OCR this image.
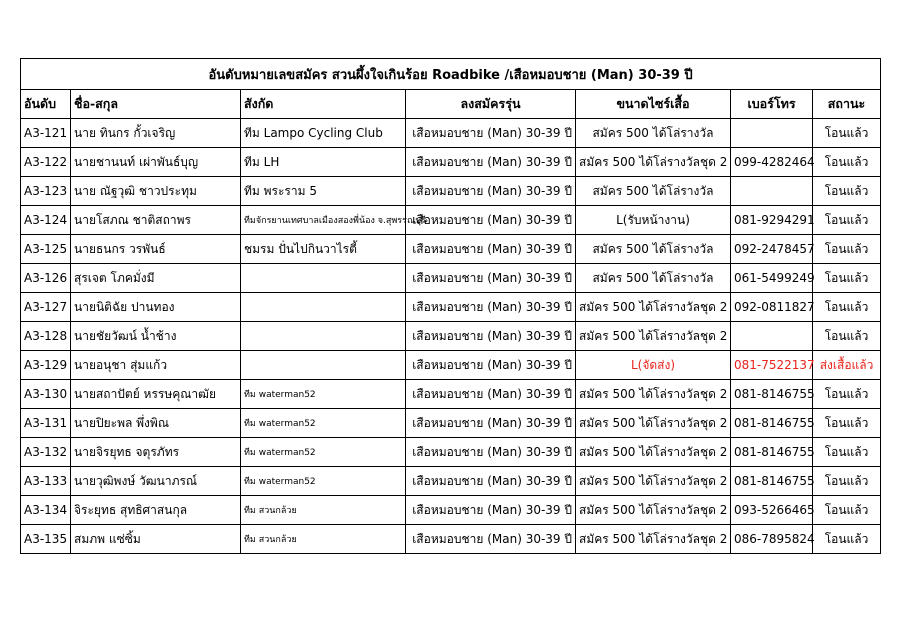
อันดับหมายเลขสมัคร สวนผึ้งใจเกินร้อย Roadbike /เสือหมอบชาย (Man) 30-39 ปี						
อันดับ	ชื่อ-สกุล	สังกัด	ลงสมัครรุ่น	ขนาดไซร์เสื้อ	เบอร์โทร	สถานะ
A3-121	นาย ทินกร กั้วเจริญ	ทีม Lampo Cycling Club	เสือหมอบชาย (Man) 30-39 ปี	สมัคร 500 ได้โล่รางวัล		โอนแล้ว
A3-122	นายชานนท์ เผ่าพันธ์บุญ	ทีม LH	เสือหมอบชาย (Man) 30-39 ปี	สมัคร 500 ได้โล่รางวัลชุด 2	099-4282464	โอนแล้ว
A3-123	นาย ณัฐวุฒิ ชาวประทุม	ทีม พระราม 5	เสือหมอบชาย (Man) 30-39 ปี	สมัคร 500 ได้โล่รางวัล		โอนแล้ว
A3-124	นายโสภณ ชาติสถาพร	ทีมจักรยานเทศบาลเมืองสองพี่น้อง จ.สุพรรณบุรี	เสือหมอบชาย (Man) 30-39 ปี	L(รับหน้างาน)	081-9294291	โอนแล้ว
A3-125	นายธนกร วรพันธ์	ชมรม ปั่นไปกินวาไรตี้	เสือหมอบชาย (Man) 30-39 ปี	สมัคร 500 ได้โล่รางวัล	092-2478457	โอนแล้ว
A3-126	สุรเจต โภคมั่งมี		เสือหมอบชาย (Man) 30-39 ปี	สมัคร 500 ได้โล่รางวัล	061-5499249	โอนแล้ว
A3-127	นายนิติฉัย ปานทอง		เสือหมอบชาย (Man) 30-39 ปี	สมัคร 500 ได้โล่รางวัลชุด 2	092-0811827	โอนแล้ว
A3-128	นายชัยวัฒน์ น้ำช้าง		เสือหมอบชาย (Man) 30-39 ปี	สมัคร 500 ได้โล่รางวัลชุด 2		โอนแล้ว
A3-129	นายอนุชา สุ่มแก้ว		เสือหมอบชาย (Man) 30-39 ปี	L(จัดส่ง)	081-7522137	ส่งเสื้อแล้ว
A3-130	นายสถาปัตย์ หรรษคุณาฒัย	ทีม waterman52	เสือหมอบชาย (Man) 30-39 ปี	สมัคร 500 ได้โล่รางวัลชุด 2	081-8146755	โอนแล้ว
A3-131	นายปิยะพล พึ่งพิณ	ทีม waterman52	เสือหมอบชาย (Man) 30-39 ปี	สมัคร 500 ได้โล่รางวัลชุด 2	081-8146755	โอนแล้ว
A3-132	นายจิรยุทธ จตุรภัทร	ทีม waterman52	เสือหมอบชาย (Man) 30-39 ปี	สมัคร 500 ได้โล่รางวัลชุด 2	081-8146755	โอนแล้ว
A3-133	นายวุฒิพงษ์ วัฒนาภรณ์	ทีม waterman52	เสือหมอบชาย (Man) 30-39 ปี	สมัคร 500 ได้โล่รางวัลชุด 2	081-8146755	โอนแล้ว
A3-134	จิระยุทธ สุทธิศาสนกุล	ทีม สวนกล้วย	เสือหมอบชาย (Man) 30-39 ปี	สมัคร 500 ได้โล่รางวัลชุด 2	093-5266465	โอนแล้ว
A3-135	สมภพ แซ่ซิ้ม	ทีม สวนกล้วย	เสือหมอบชาย (Man) 30-39 ปี	สมัคร 500 ได้โล่รางวัลชุด 2	086-7895824	โอนแล้ว
